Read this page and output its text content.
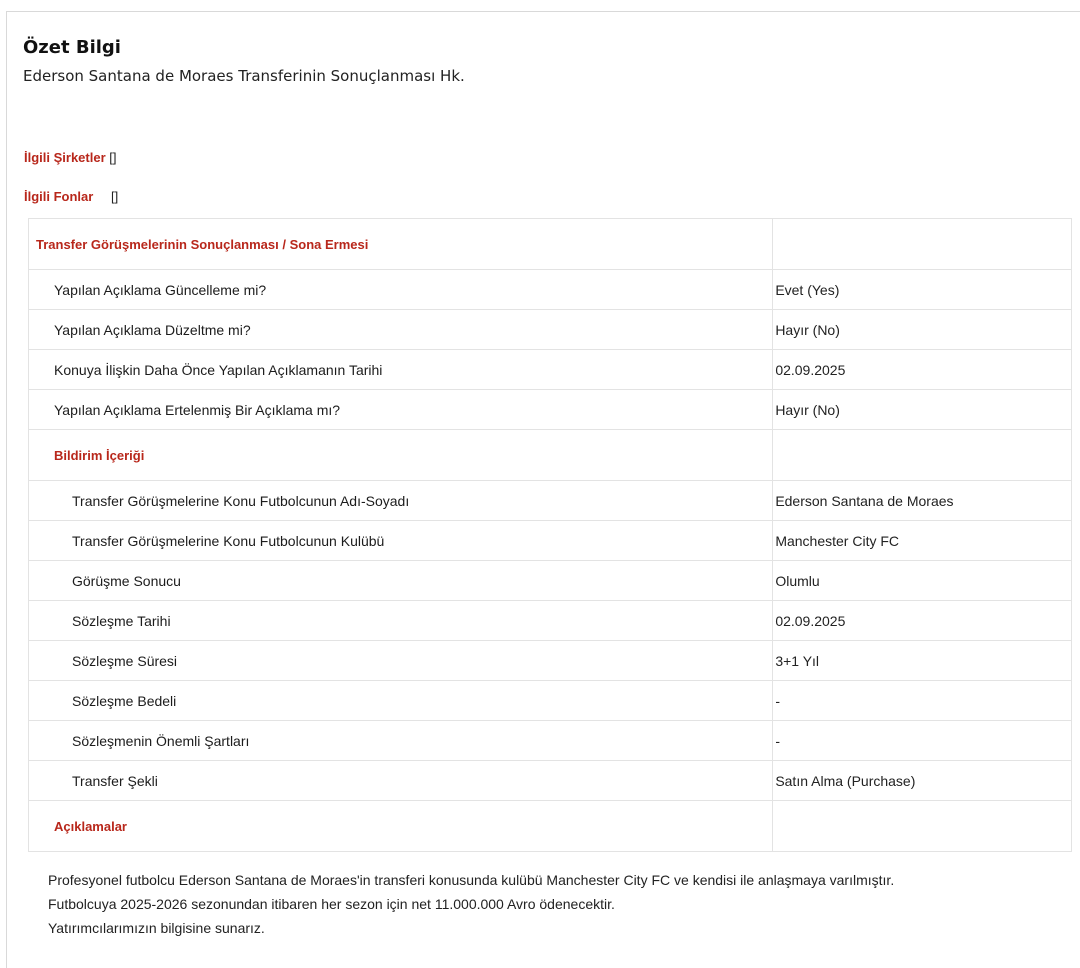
Özet Bilgi
Ederson Santana de Moraes Transferinin Sonuçlanması Hk.
İlgili Şirketler []
İlgili Fonlar []
Transfer Görüşmelerinin Sonuçlanması / Sona Ermesi	
Yapılan Açıklama Güncelleme mi?	Evet (Yes)
Yapılan Açıklama Düzeltme mi?	Hayır (No)
Konuya İlişkin Daha Önce Yapılan Açıklamanın Tarihi	02.09.2025
Yapılan Açıklama Ertelenmiş Bir Açıklama mı?	Hayır (No)
Bildirim İçeriği	
Transfer Görüşmelerine Konu Futbolcunun Adı-Soyadı	Ederson Santana de Moraes
Transfer Görüşmelerine Konu Futbolcunun Kulübü	Manchester City FC
Görüşme Sonucu	Olumlu
Sözleşme Tarihi	02.09.2025
Sözleşme Süresi	3+1 Yıl
Sözleşme Bedeli	-
Sözleşmenin Önemli Şartları	-
Transfer Şekli	Satın Alma (Purchase)
Açıklamalar	

Profesyonel futbolcu Ederson Santana de Moraes'in transferi konusunda kulübü Manchester City FC ve kendisi ile anlaşmaya varılmıştır.

Futbolcuya 2025-2026 sezonundan itibaren her sezon için net 11.000.000 Avro ödenecektir.

Yatırımcılarımızın bilgisine sunarız.
